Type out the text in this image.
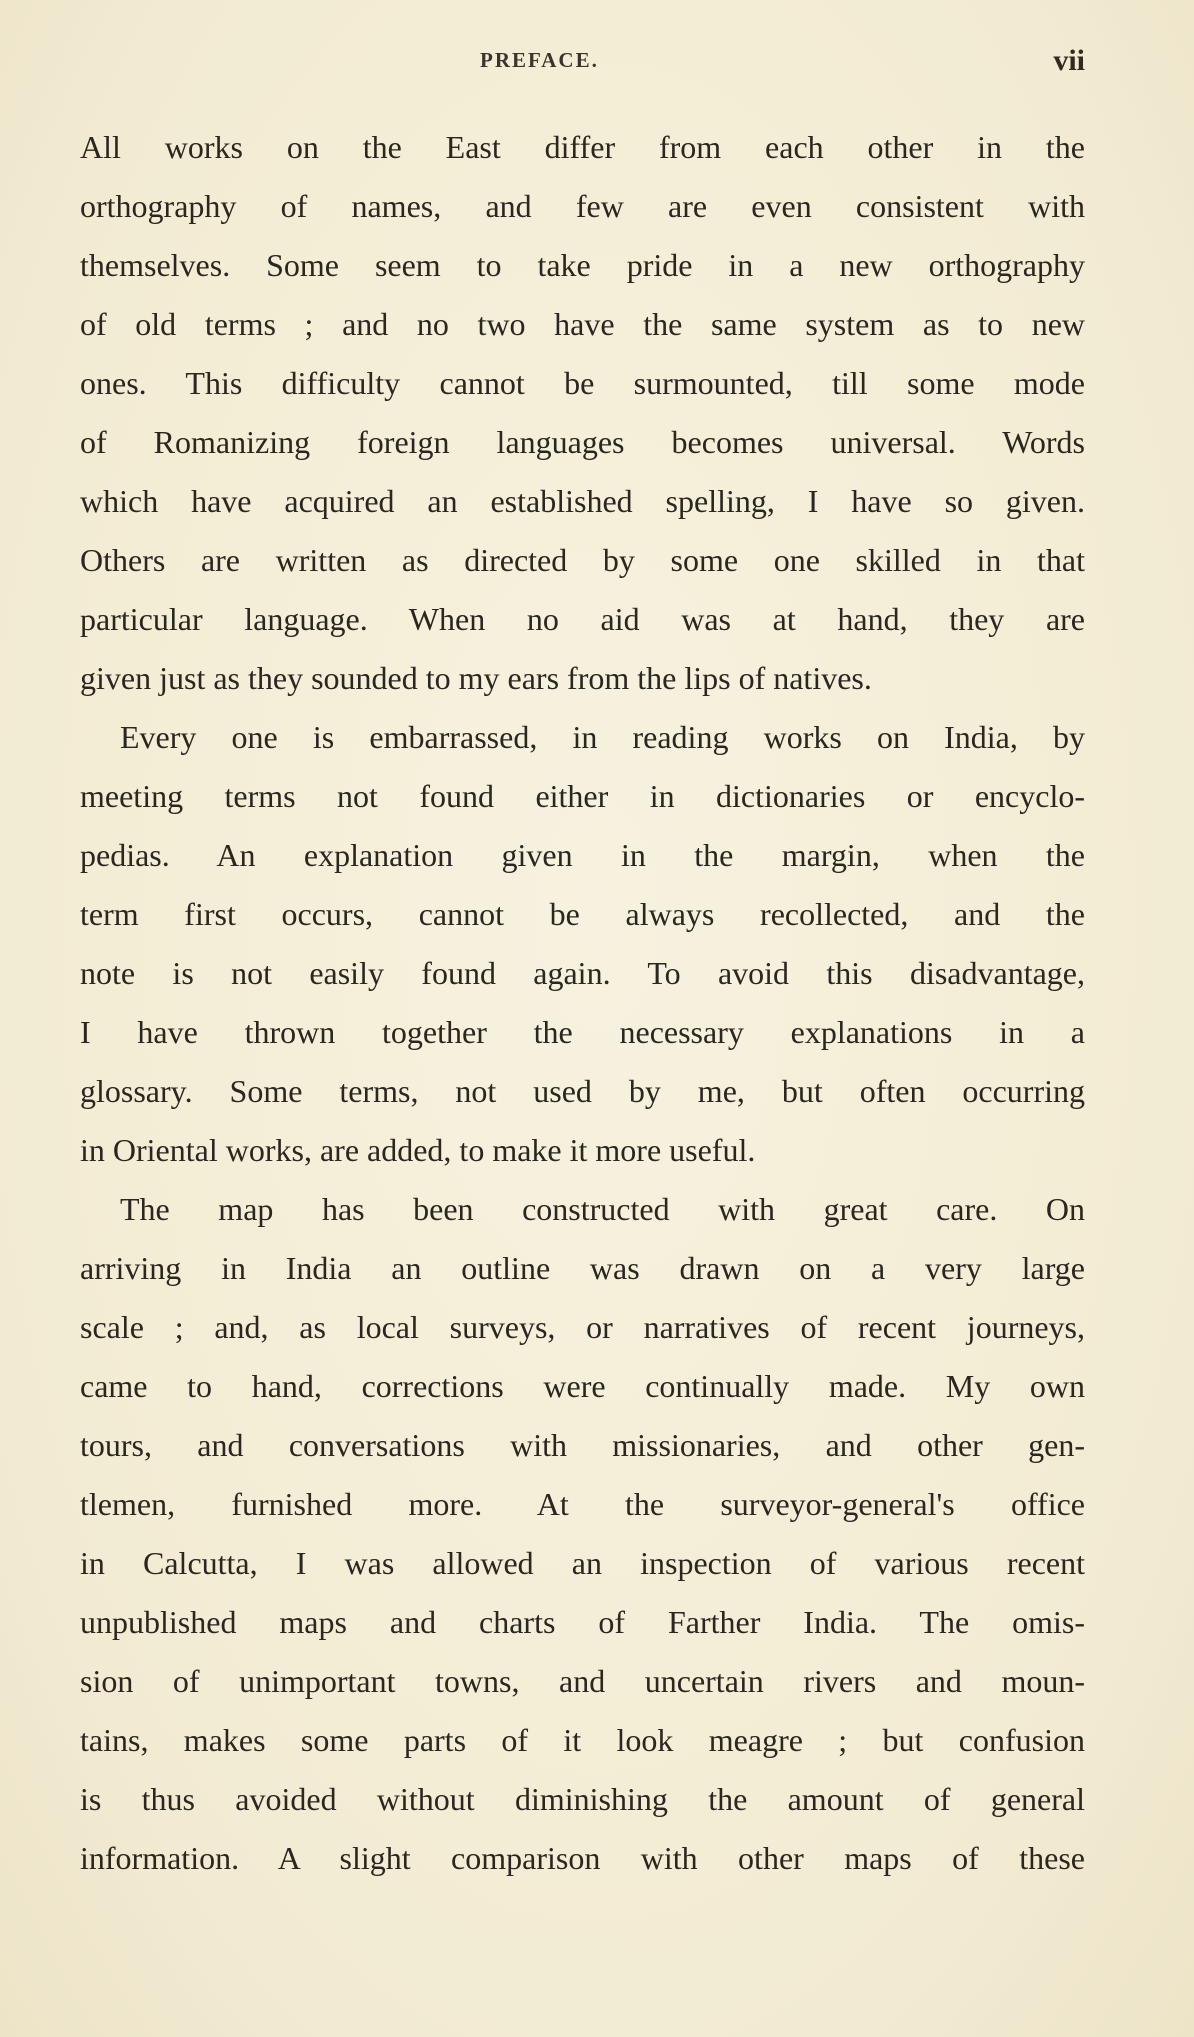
PREFACE.	vii
All works on the East differ from each other in the
orthography of names, and few are even consistent with
themselves. Some seem to take pride in a new orthography
of old terms ; and no two have the same system as to new
ones. This difficulty cannot be surmounted, till some mode
of Romanizing foreign languages becomes universal. Words
which have acquired an established spelling, I have so given.
Others are written as directed by some one skilled in that
particular language. When no aid was at hand, they are
given just as they sounded to my ears from the lips of natives.
Every one is embarrassed, in reading works on India, by
meeting terms not found either in dictionaries or encyclo-
pedias. An explanation given in the margin, when the
term first occurs, cannot be always recollected, and the
note is not easily found again. To avoid this disadvantage,
I have thrown together the necessary explanations in a
glossary. Some terms, not used by me, but often occurring
in Oriental works, are added, to make it more useful.
The map has been constructed with great care. On
arriving in India an outline was drawn on a very large
scale ; and, as local surveys, or narratives of recent journeys,
came to hand, corrections were continually made. My own
tours, and conversations with missionaries, and other gen-
tlemen, furnished more. At the surveyor-general's office
in Calcutta, I was allowed an inspection of various recent
unpublished maps and charts of Farther India. The omis-
sion of unimportant towns, and uncertain rivers and moun-
tains, makes some parts of it look meagre ; but confusion
is thus avoided without diminishing the amount of general
information. A slight comparison with other maps of these
